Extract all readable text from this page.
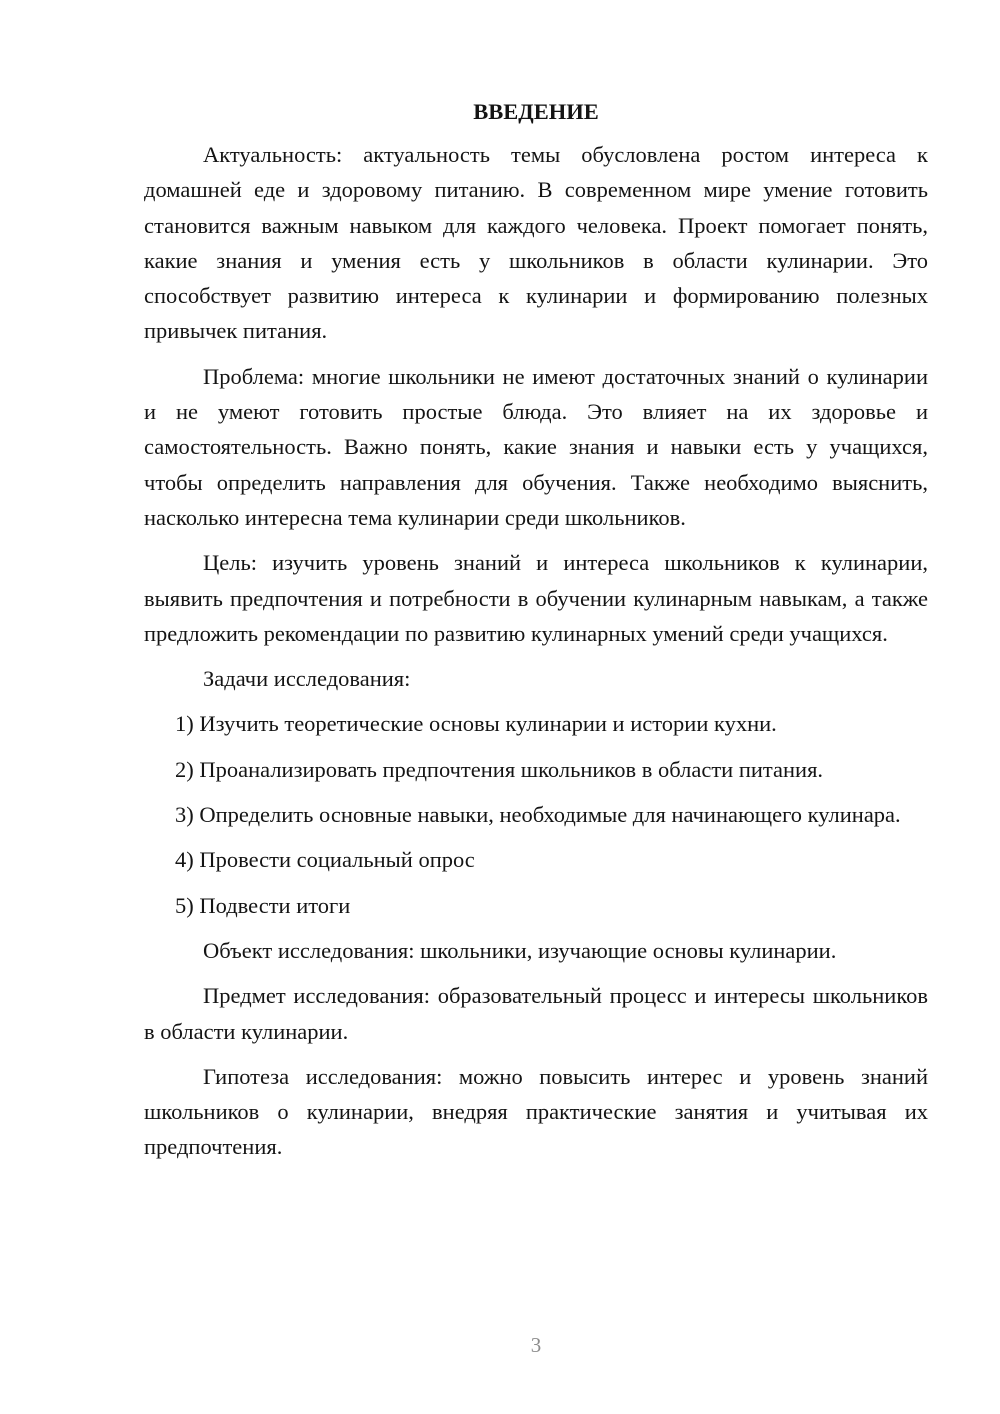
ВВЕДЕНИЕ

Актуальность: актуальность темы обусловлена ростом интереса к домашней еде и здоровому питанию. В современном мире умение готовить становится важным навыком для каждого человека. Проект помогает понять, какие знания и умения есть у школьников в области кулинарии. Это способствует развитию интереса к кулинарии и формированию полезных привычек питания.

Проблема: многие школьники не имеют достаточных знаний о кулинарии и не умеют готовить простые блюда. Это влияет на их здоровье и самостоятельность. Важно понять, какие знания и навыки есть у учащихся, чтобы определить направления для обучения. Также необходимо выяснить, насколько интересна тема кулинарии среди школьников.

Цель: изучить уровень знаний и интереса школьников к кулинарии, выявить предпочтения и потребности в обучении кулинарным навыкам, а также предложить рекомендации по развитию кулинарных умений среди учащихся.

Задачи исследования:

1) Изучить теоретические основы кулинарии и истории кухни.

2) Проанализировать предпочтения школьников в области питания.

3) Определить основные навыки, необходимые для начинающего кулинара.

4) Провести социальный опрос

5) Подвести итоги

Объект исследования: школьники, изучающие основы кулинарии.

Предмет исследования: образовательный процесс и интересы школьников в области кулинарии.

Гипотеза исследования: можно повысить интерес и уровень знаний школьников о кулинарии, внедряя практические занятия и учитывая их предпочтения.

3
